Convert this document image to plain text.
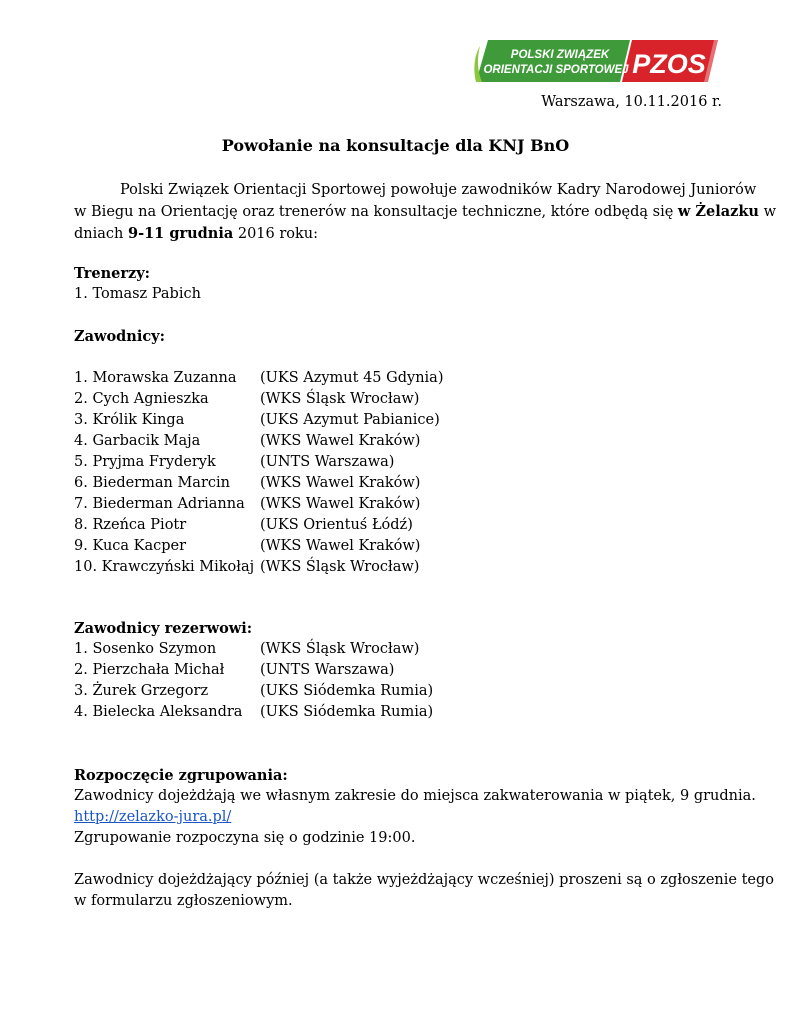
POLSKI ZWIĄZEK
ORIENTACJI SPORTOWEJ PZOS
Warszawa, 10.11.2016 r.
Powołanie na konsultacje dla KNJ BnO
Polski Związek Orientacji Sportowej powołuje zawodników Kadry Narodowej Juniorów
w Biegu na Orientację oraz trenerów na konsultacje techniczne, które odbędą się w Żelazku w
dniach 9-11 grudnia 2016 roku:
Trenerzy:
1. Tomasz Pabich
Zawodnicy:
1. Morawska Zuzanna (UKS Azymut 45 Gdynia)
2. Cych Agnieszka	(WKS Śląsk Wrocław)
3. Królik Kinga	(UKS Azymut Pabianice)
4. Garbacik Maja	(WKS Wawel Kraków)
5. Pryjma Fryderyk	(UNTS Warszawa)
6. Biederman Marcin (WKS Wawel Kraków)
7. Biederman Adrianna (WKS Wawel Kraków)
8. Rzeńca Piotr	(UKS Orientuś Łódź)
9. Kuca Kacper	(WKS Wawel Kraków)
10. Krawczyński Mikołaj (WKS Śląsk Wrocław)
Zawodnicy rezerwowi:
1. Sosenko Szymon	(WKS Śląsk Wrocław)
2. Pierzchała Michał (UNTS Warszawa)
3. Żurek Grzegorz	(UKS Siódemka Rumia)
4. Bielecka Aleksandra (UKS Siódemka Rumia)
Rozpoczęcie zgrupowania:
Zawodnicy dojeżdżają we własnym zakresie do miejsca zakwaterowania w piątek, 9 grudnia.
http://zelazko-jura.pl/
Zgrupowanie rozpoczyna się o godzinie 19:00.
Zawodnicy dojeżdżający później (a także wyjeżdżający wcześniej) proszeni są o zgłoszenie tego
w formularzu zgłoszeniowym.
